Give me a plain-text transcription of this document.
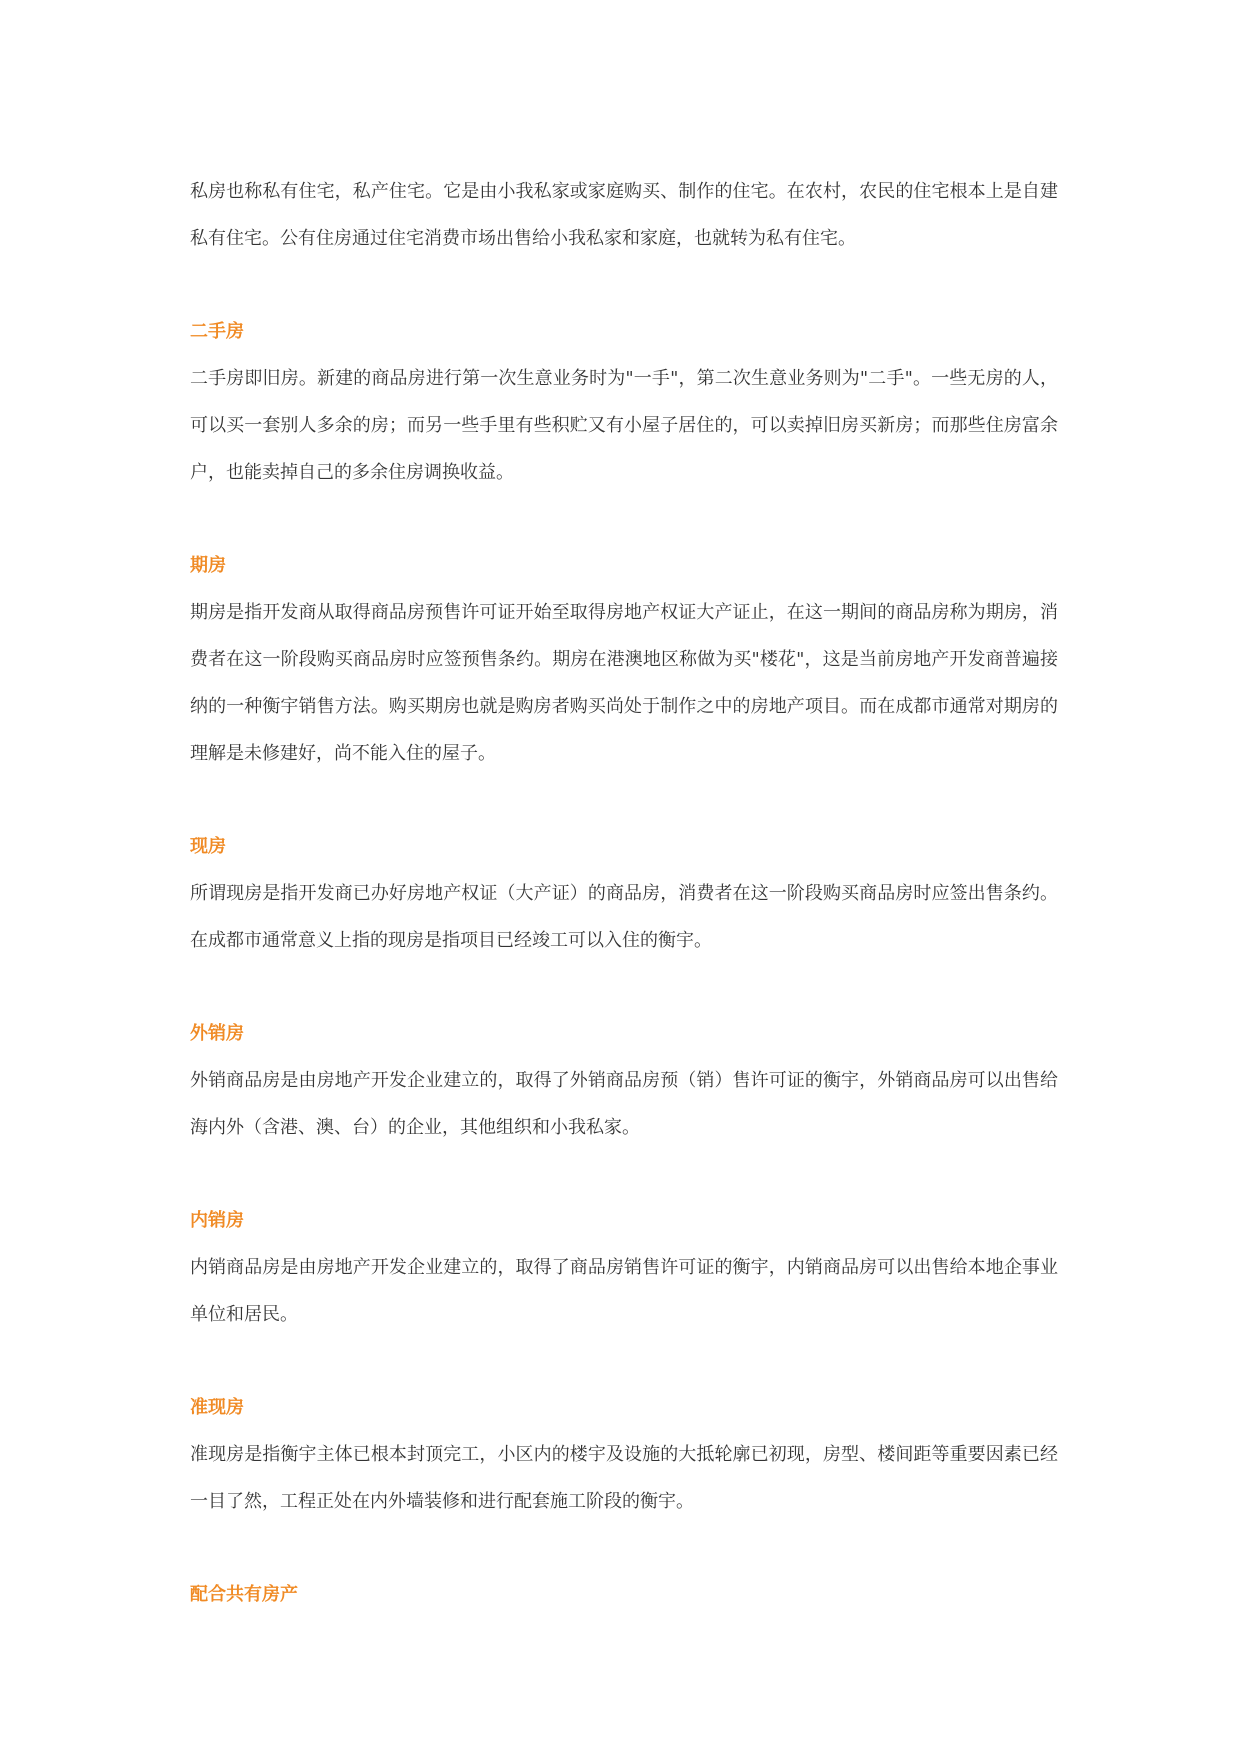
私房也称私有住宅，私产住宅。它是由小我私家或家庭购买、制作的住宅。在农村，农民的住宅根本上是自建私有住宅。公有住房通过住宅消费市场出售给小我私家和家庭，也就转为私有住宅。

二手房

二手房即旧房。新建的商品房进行第一次生意业务时为"一手"，第二次生意业务则为"二手"。一些无房的人，可以买一套别人多余的房；而另一些手里有些积贮又有小屋子居住的，可以卖掉旧房买新房；而那些住房富余户，也能卖掉自己的多余住房调换收益。

期房

期房是指开发商从取得商品房预售许可证开始至取得房地产权证大产证止，在这一期间的商品房称为期房，消费者在这一阶段购买商品房时应签预售条约。期房在港澳地区称做为买"楼花"，这是当前房地产开发商普遍接纳的一种衡宇销售方法。购买期房也就是购房者购买尚处于制作之中的房地产项目。而在成都市通常对期房的理解是未修建好，尚不能入住的屋子。

现房

所谓现房是指开发商已办好房地产权证（大产证）的商品房，消费者在这一阶段购买商品房时应签出售条约。在成都市通常意义上指的现房是指项目已经竣工可以入住的衡宇。

外销房

外销商品房是由房地产开发企业建立的，取得了外销商品房预（销）售许可证的衡宇，外销商品房可以出售给海内外（含港、澳、台）的企业，其他组织和小我私家。

内销房

内销商品房是由房地产开发企业建立的，取得了商品房销售许可证的衡宇，内销商品房可以出售给本地企事业单位和居民。

准现房

准现房是指衡宇主体已根本封顶完工，小区内的楼宇及设施的大抵轮廓已初现，房型、楼间距等重要因素已经一目了然，工程正处在内外墙装修和进行配套施工阶段的衡宇。

配合共有房产
